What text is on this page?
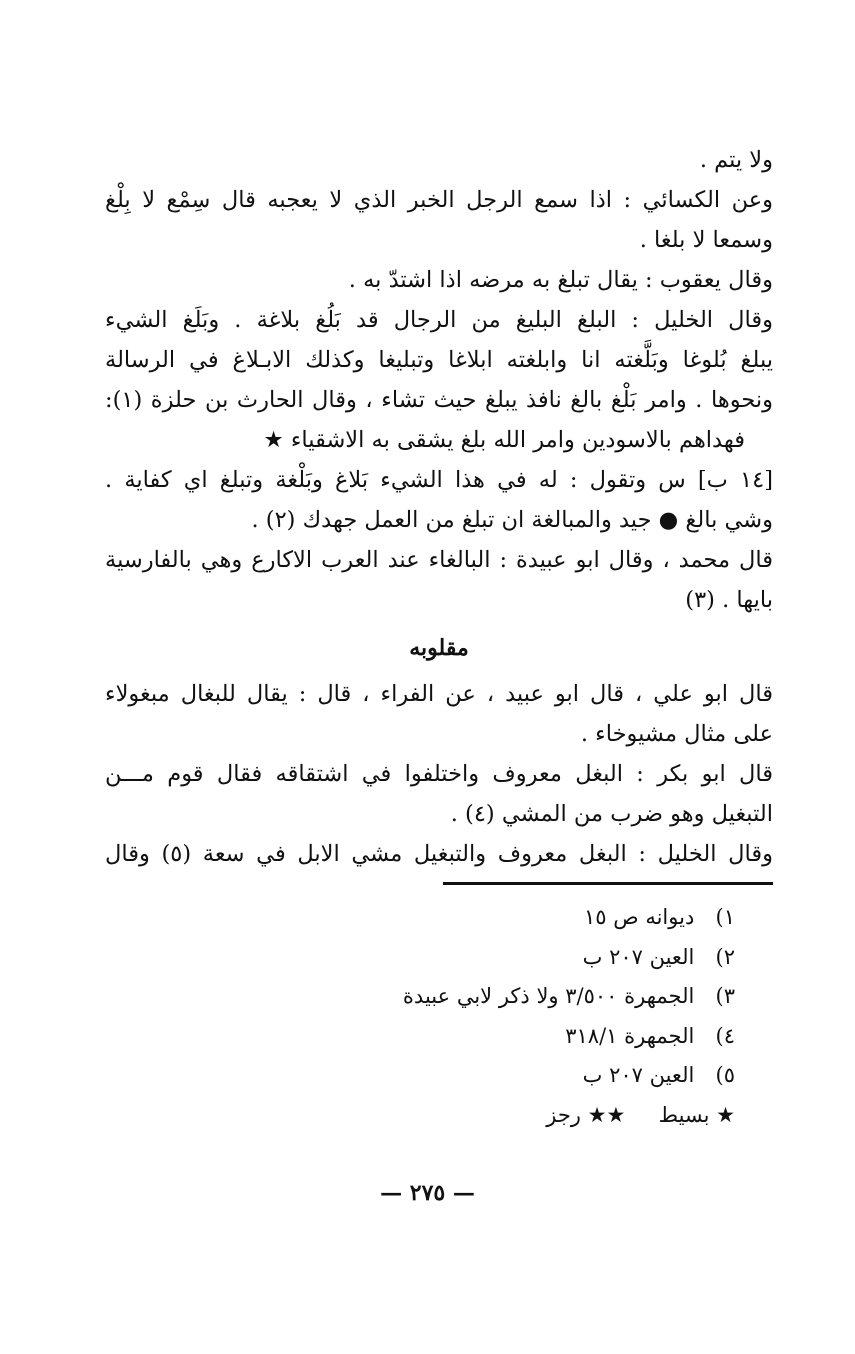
ولا يتم .
وعن الكسائي : اذا سمع الرجل الخبر الذي لا يعجبه قال سِمْع لا بِلْغ
وسمعا لا بلغا .
وقال يعقوب : يقال تبلغ به مرضه اذا اشتدّ به .
وقال الخليل : البلغ البليغ من الرجال قد بَلُغ بلاغة . وبَلَغ الشيء
يبلغ بُلوغا وبَلَّغته انا وابلغته ابلاغا وتبليغا وكذلك الابـلاغ في الرسالة
ونحوها . وامر بَلْغ بالغ نافذ يبلغ حيث تشاء ، وقال الحارث بن حلزة (١):
فهداهم بالاسودين وامر الله بلغ يشقى به الاشقياء ★
[١٤ ب] س وتقول : له في هذا الشيء بَلاغ وبَلْغة وتبلغ اي كفاية .
وشي بالغ ● جيد والمبالغة ان تبلغ من العمل جهدك (٢) .
قال محمد ، وقال ابو عبيدة : البالغاء عند العرب الاكارع وهي بالفارسية
بايها . (٣)
مقلوبه
قال ابو علي ، قال ابو عبيد ، عن الفراء ، قال : يقال للبغال مبغولاء
على مثال مشيوخاء .
قال ابو بكر : البغل معروف واختلفوا في اشتقاقه فقال قوم مـــن
التبغيل وهو ضرب من المشي (٤) .
وقال الخليل : البغل معروف والتبغيل مشي الابل في سعة (٥) وقال
١) ديوانه ص ١٥
٢) العين ٢٠٧ ب
٣) الجمهرة ٣/٥٠٠ ولا ذكر لابي عبيدة
٤) الجمهرة ٣١٨/١
٥) العين ٢٠٧ ب
★ بسيط     ★★ رجز
— ٢٧٥ —
